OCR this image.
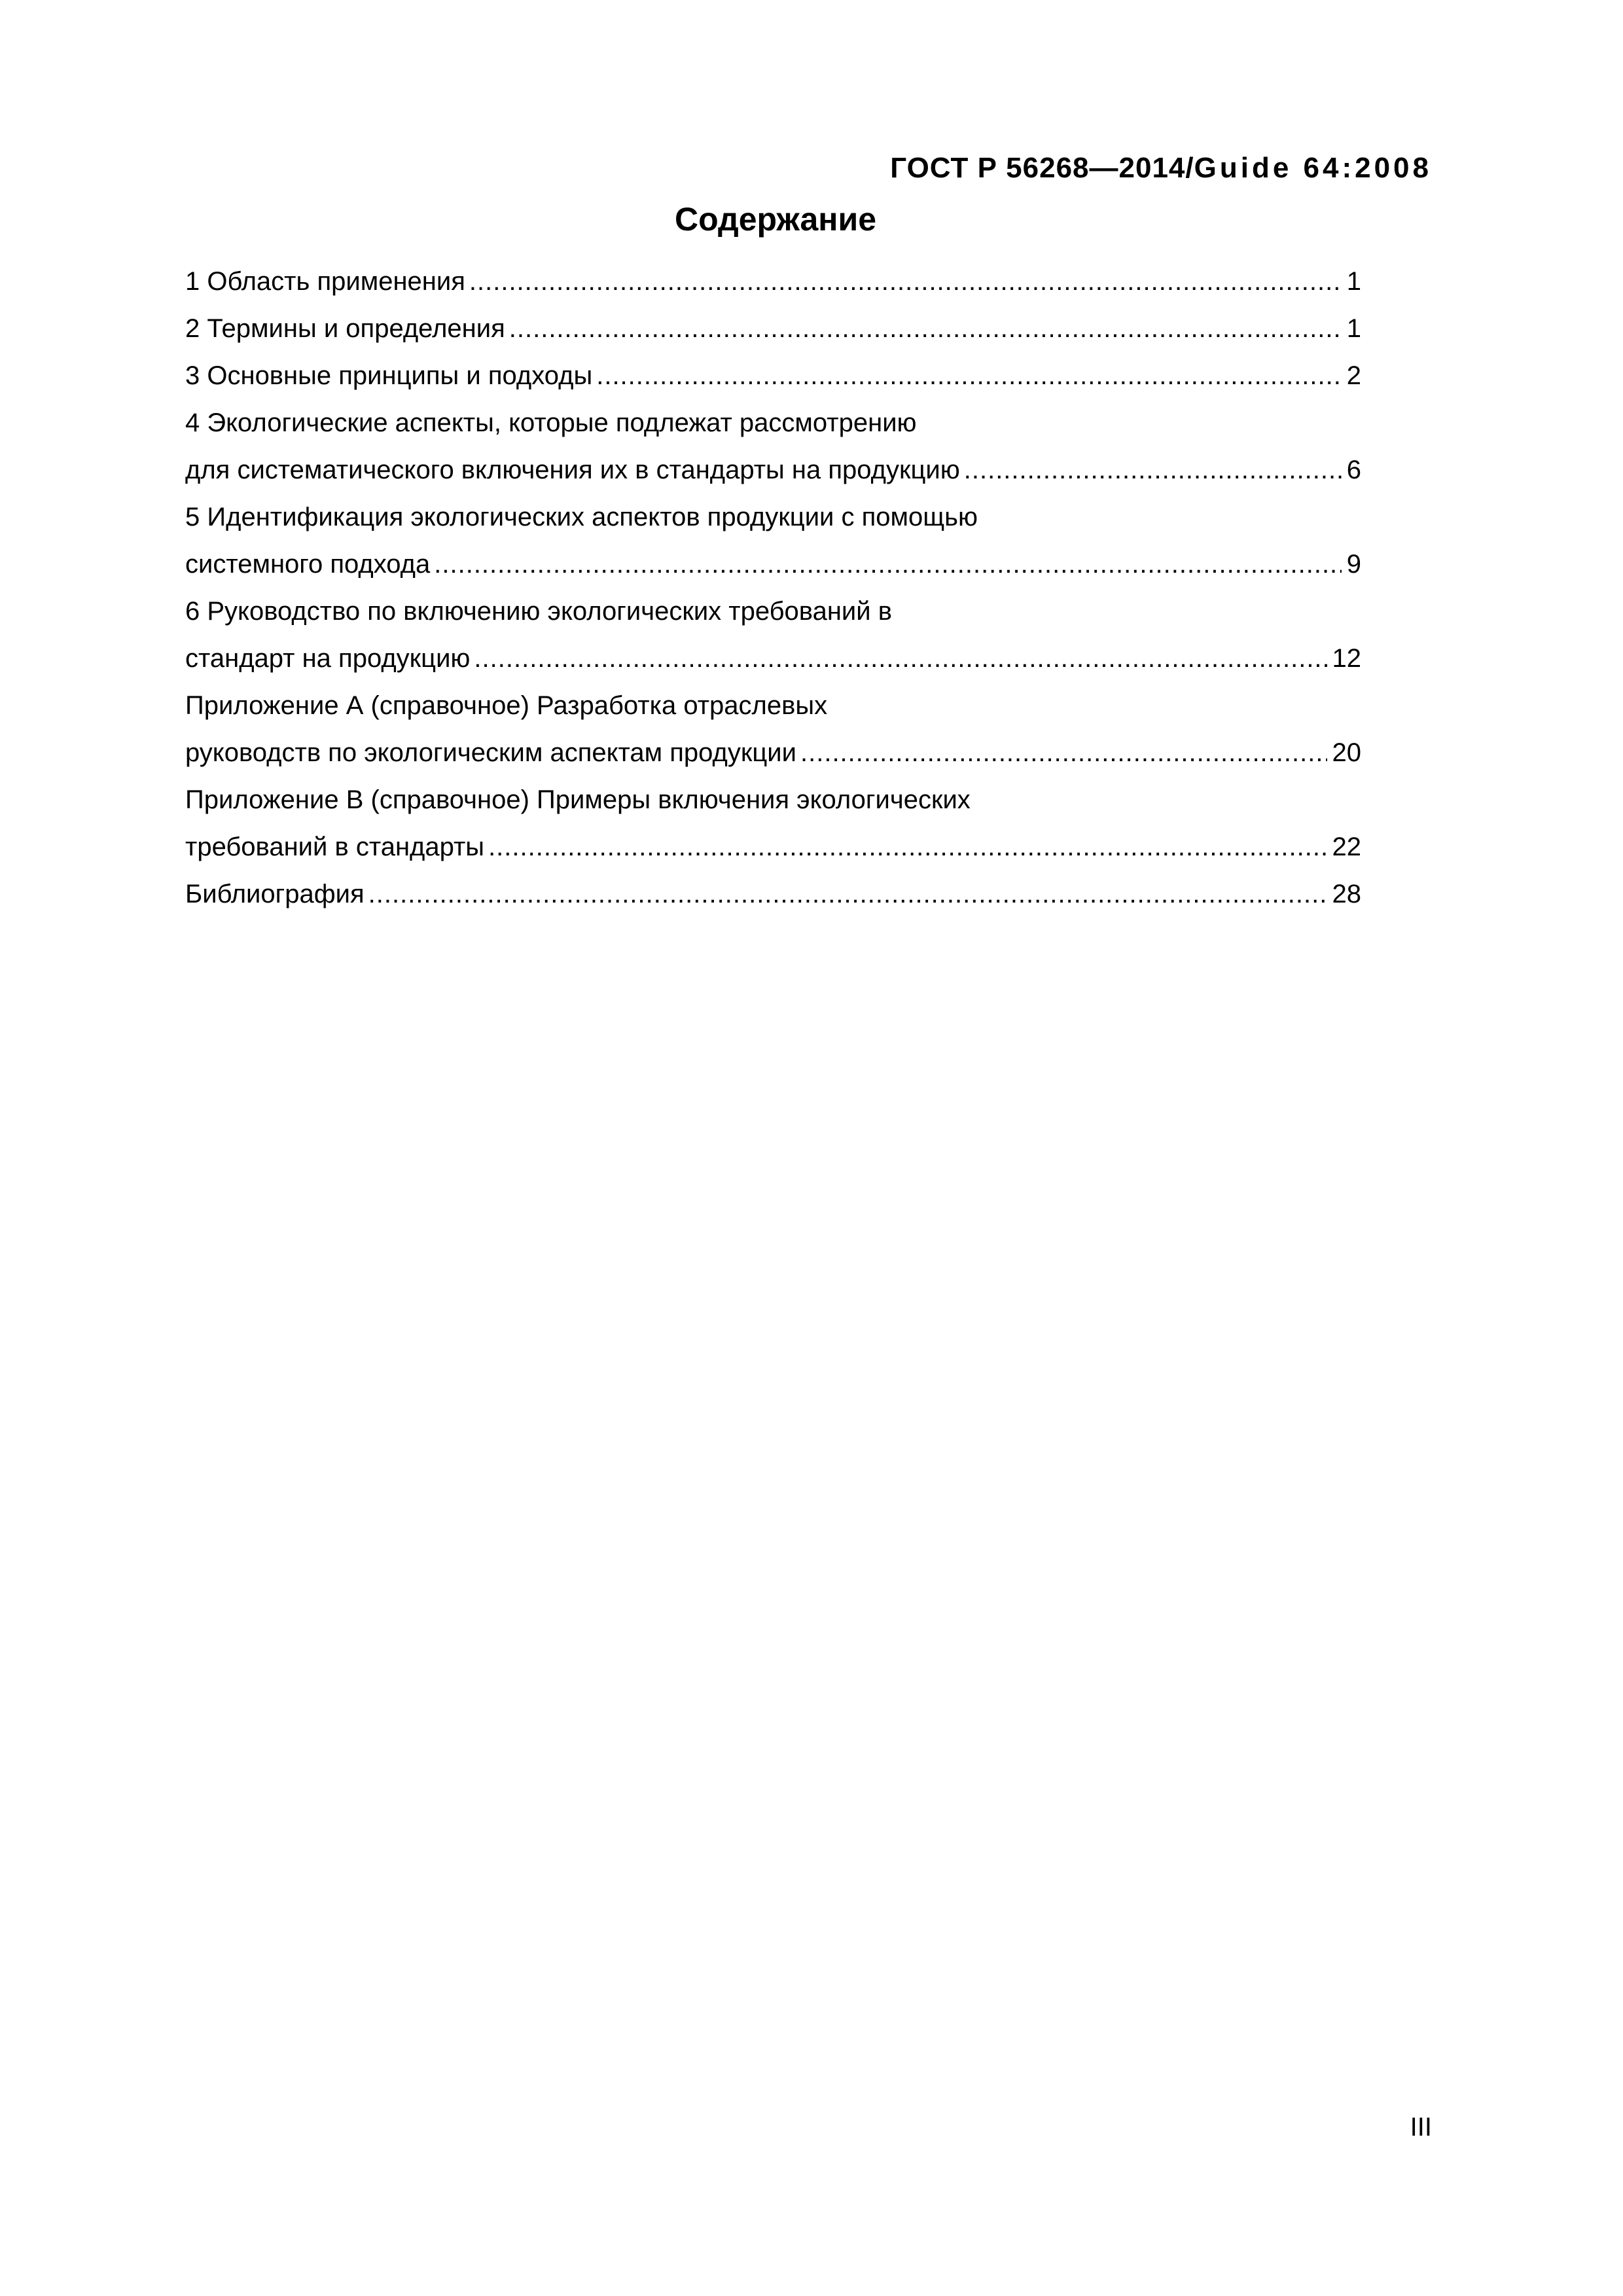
ГОСТ Р 56268—2014/Guide 64:2008
Содержание
1 Область применения .....	1
2 Термины и определения .....	1
3 Основные принципы и подходы .....	2
4 Экологические аспекты, которые подлежат рассмотрению
для систематического включения их в стандарты на продукцию .....	6
5 Идентификация экологических аспектов продукции с помощью
системного подхода .....	9
6 Руководство по включению экологических требований в
стандарт на продукцию .....	12
Приложение А (справочное) Разработка отраслевых
руководств по экологическим аспектам продукции .....	20
Приложение В (справочное) Примеры включения экологических
требований в стандарты .....	22
Библиография .....	28
III
